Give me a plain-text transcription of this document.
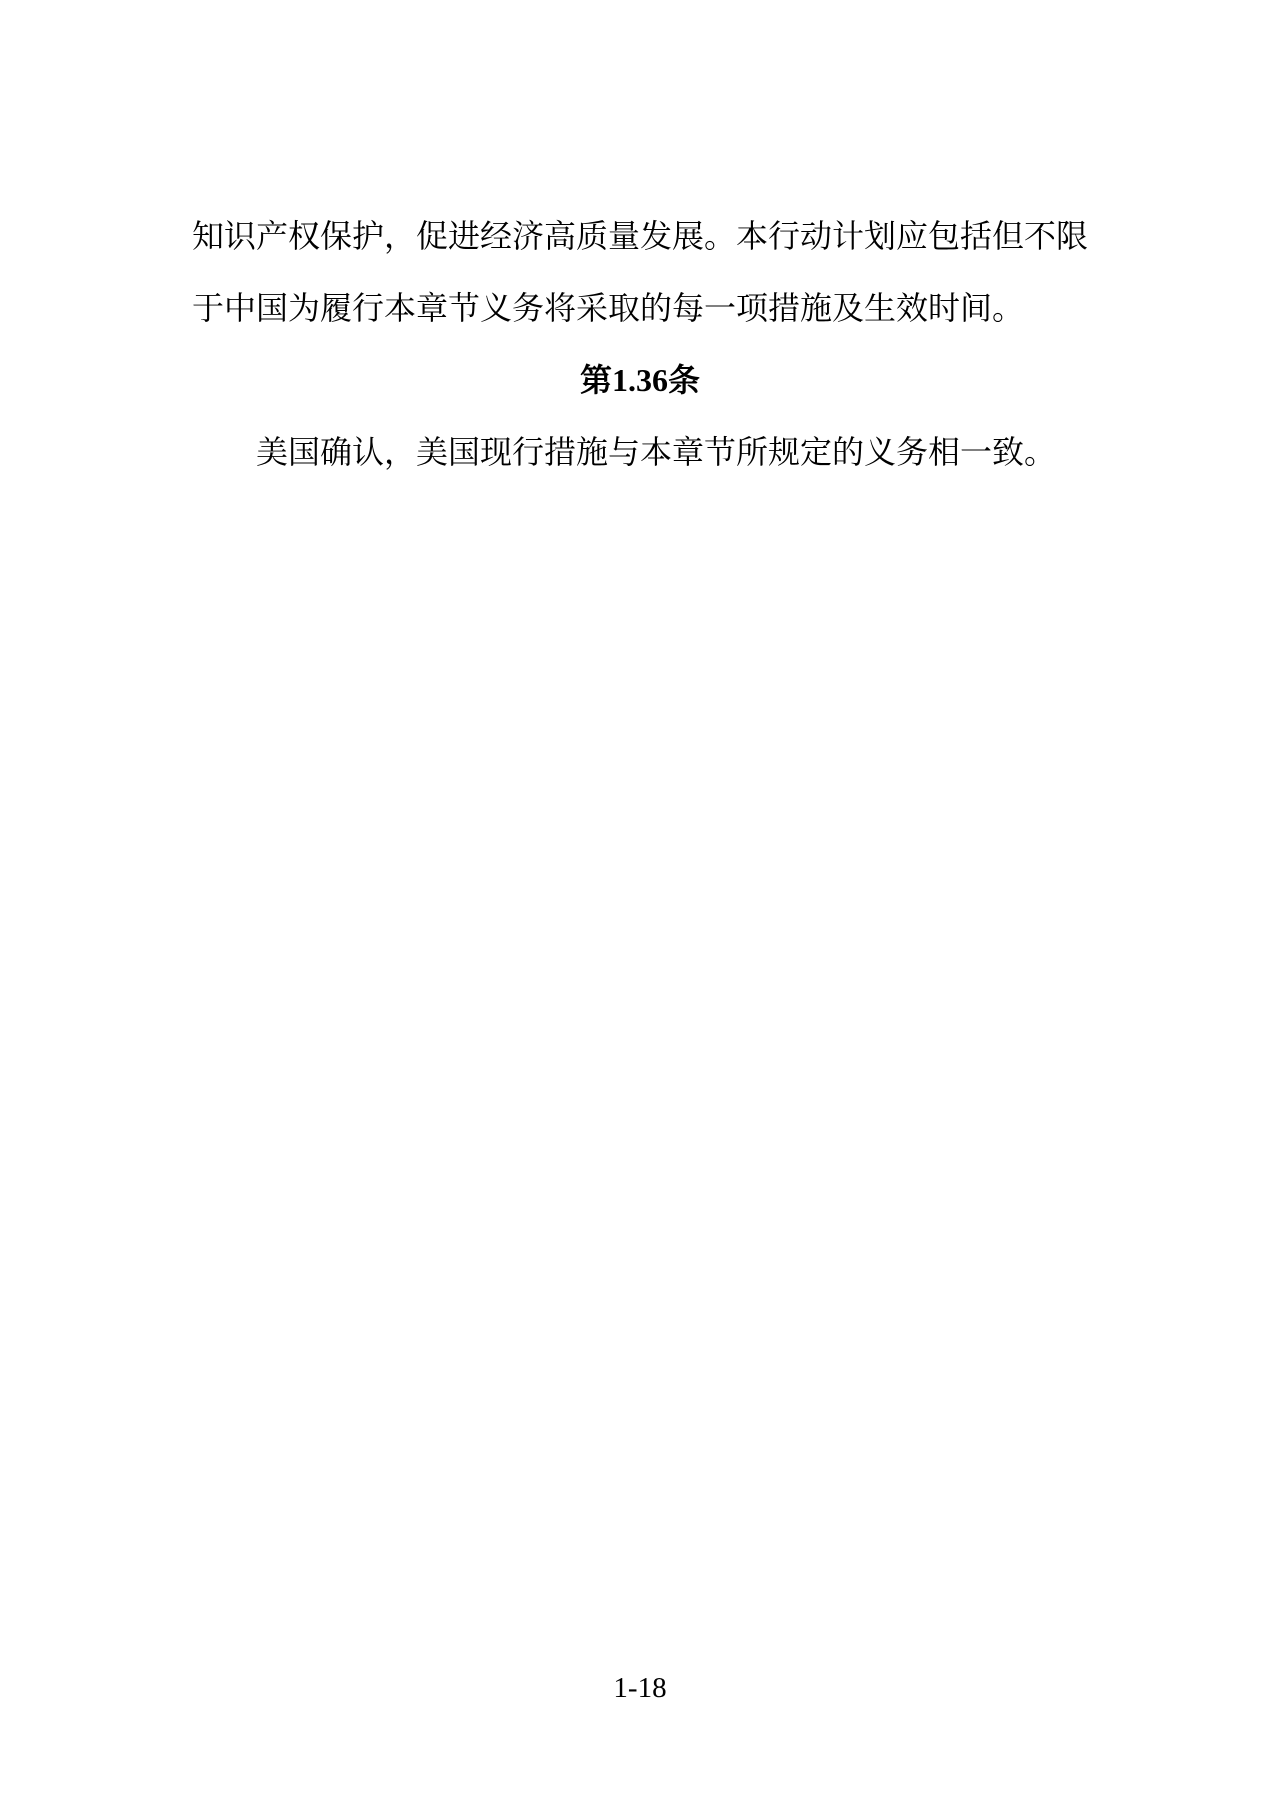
知识产权保护，促进经济高质量发展。本行动计划应包括但不限
于中国为履行本章节义务将采取的每一项措施及生效时间。
第1.36条
美国确认，美国现行措施与本章节所规定的义务相一致。
1-18
